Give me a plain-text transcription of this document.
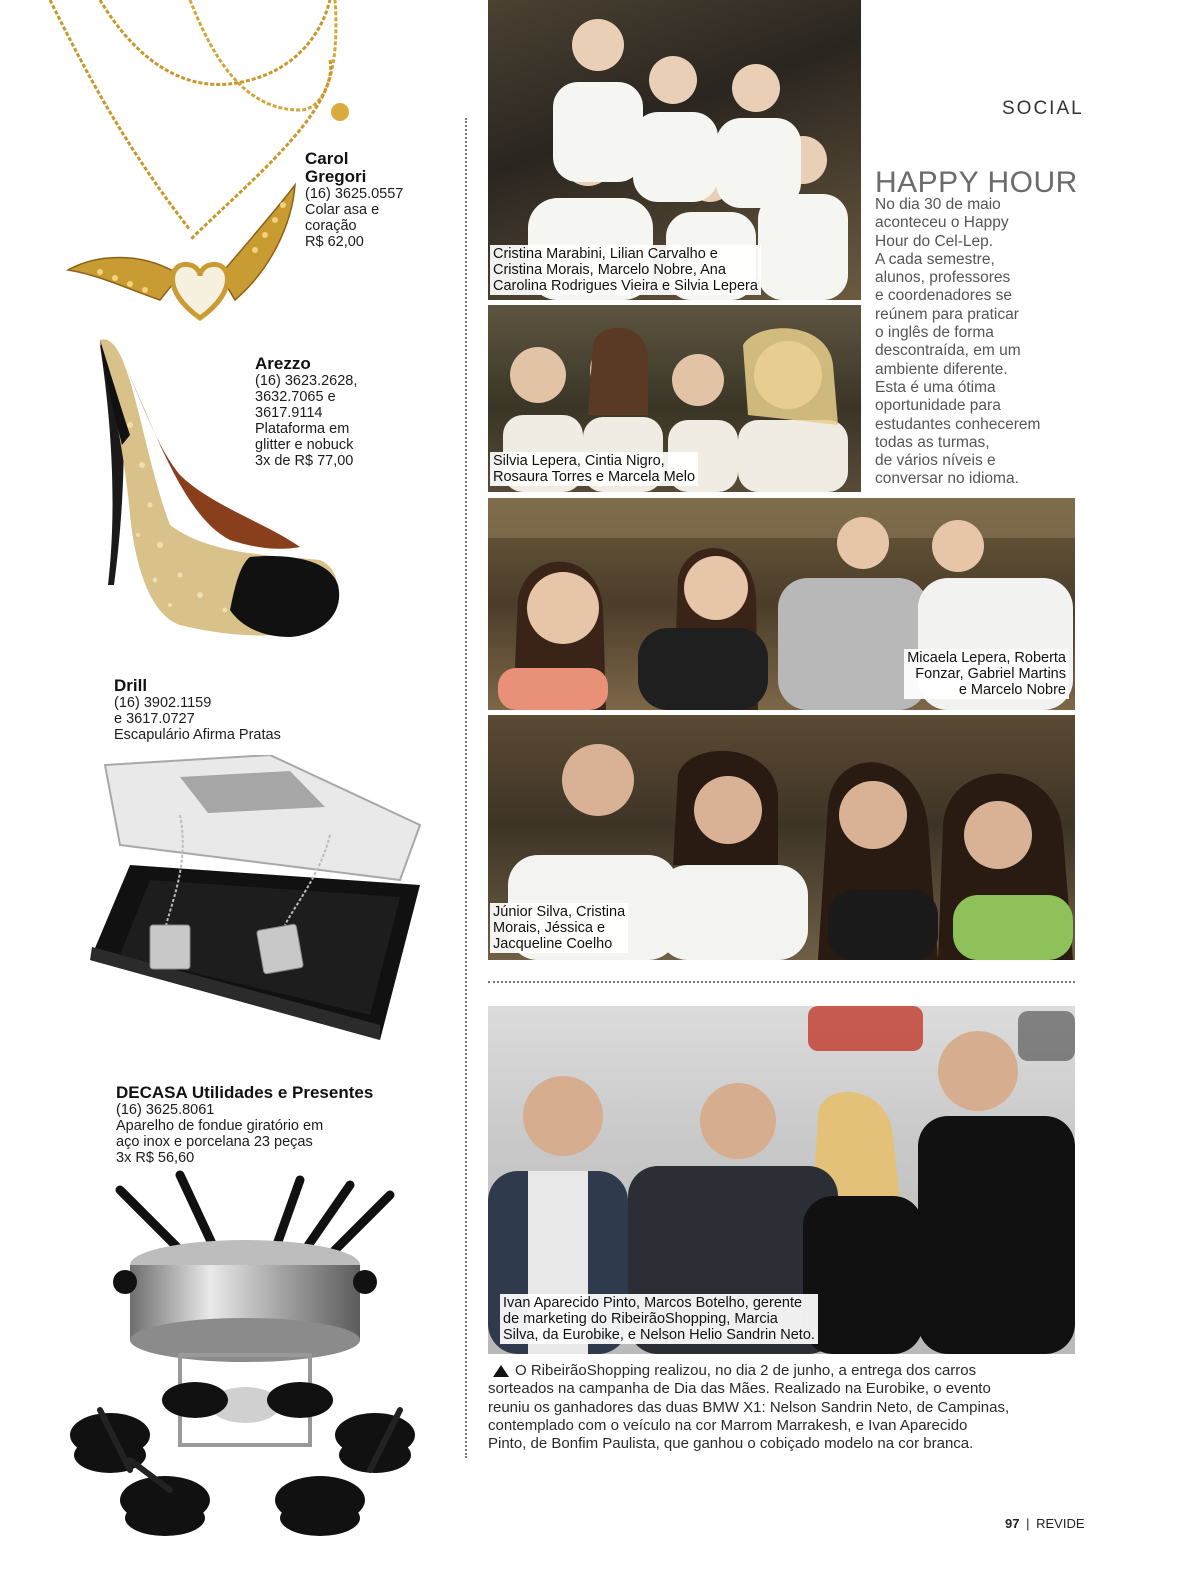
Carol
Gregori
(16) 3625.0557
Colar asa e
coração
R$ 62,00
Arezzo
(16) 3623.2628,
3632.7065 e
3617.9114
Plataforma em
glitter e nobuck
3x de R$ 77,00
Drill
(16) 3902.1159
e 3617.0727
Escapulário Afirma Pratas
DECASA Utilidades e Presentes
(16) 3625.8061
Aparelho de fondue giratório em
aço inox e porcelana 23 peças
3x R$ 56,60
Cristina Marabini, Lilian Carvalho e
Cristina Morais, Marcelo Nobre, Ana
Carolina Rodrigues Vieira e Silvia Lepera
Silvia Lepera, Cintia Nigro,
Rosaura Torres e Marcela Melo
SOCIAL
HAPPY HOUR
No dia 30 de maio
aconteceu o Happy
Hour do Cel-Lep.
A cada semestre,
alunos, professores
e coordenadores se
reúnem para praticar
o inglês de forma
descontraída, em um
ambiente diferente.
Esta é uma ótima
oportunidade para
estudantes conhecerem
todas as turmas,
de vários níveis e
conversar no idioma.
Micaela Lepera, Roberta
Fonzar, Gabriel Martins
e Marcelo Nobre
Júnior Silva, Cristina
Morais, Jéssica e
Jacqueline Coelho
Ivan Aparecido Pinto, Marcos Botelho, gerente
de marketing do RibeirãoShopping, Marcia
Silva, da Eurobike, e Nelson Helio Sandrin Neto.
O RibeirãoShopping realizou, no dia 2 de junho, a entrega dos carros
sorteados na campanha de Dia das Mães. Realizado na Eurobike, o evento
reuniu os ganhadores das duas BMW X1: Nelson Sandrin Neto, de Campinas,
contemplado com o veículo na cor Marrom Marrakesh, e Ivan Aparecido
Pinto, de Bonfim Paulista, que ganhou o cobiçado modelo na cor branca.
97 | REVIDE
